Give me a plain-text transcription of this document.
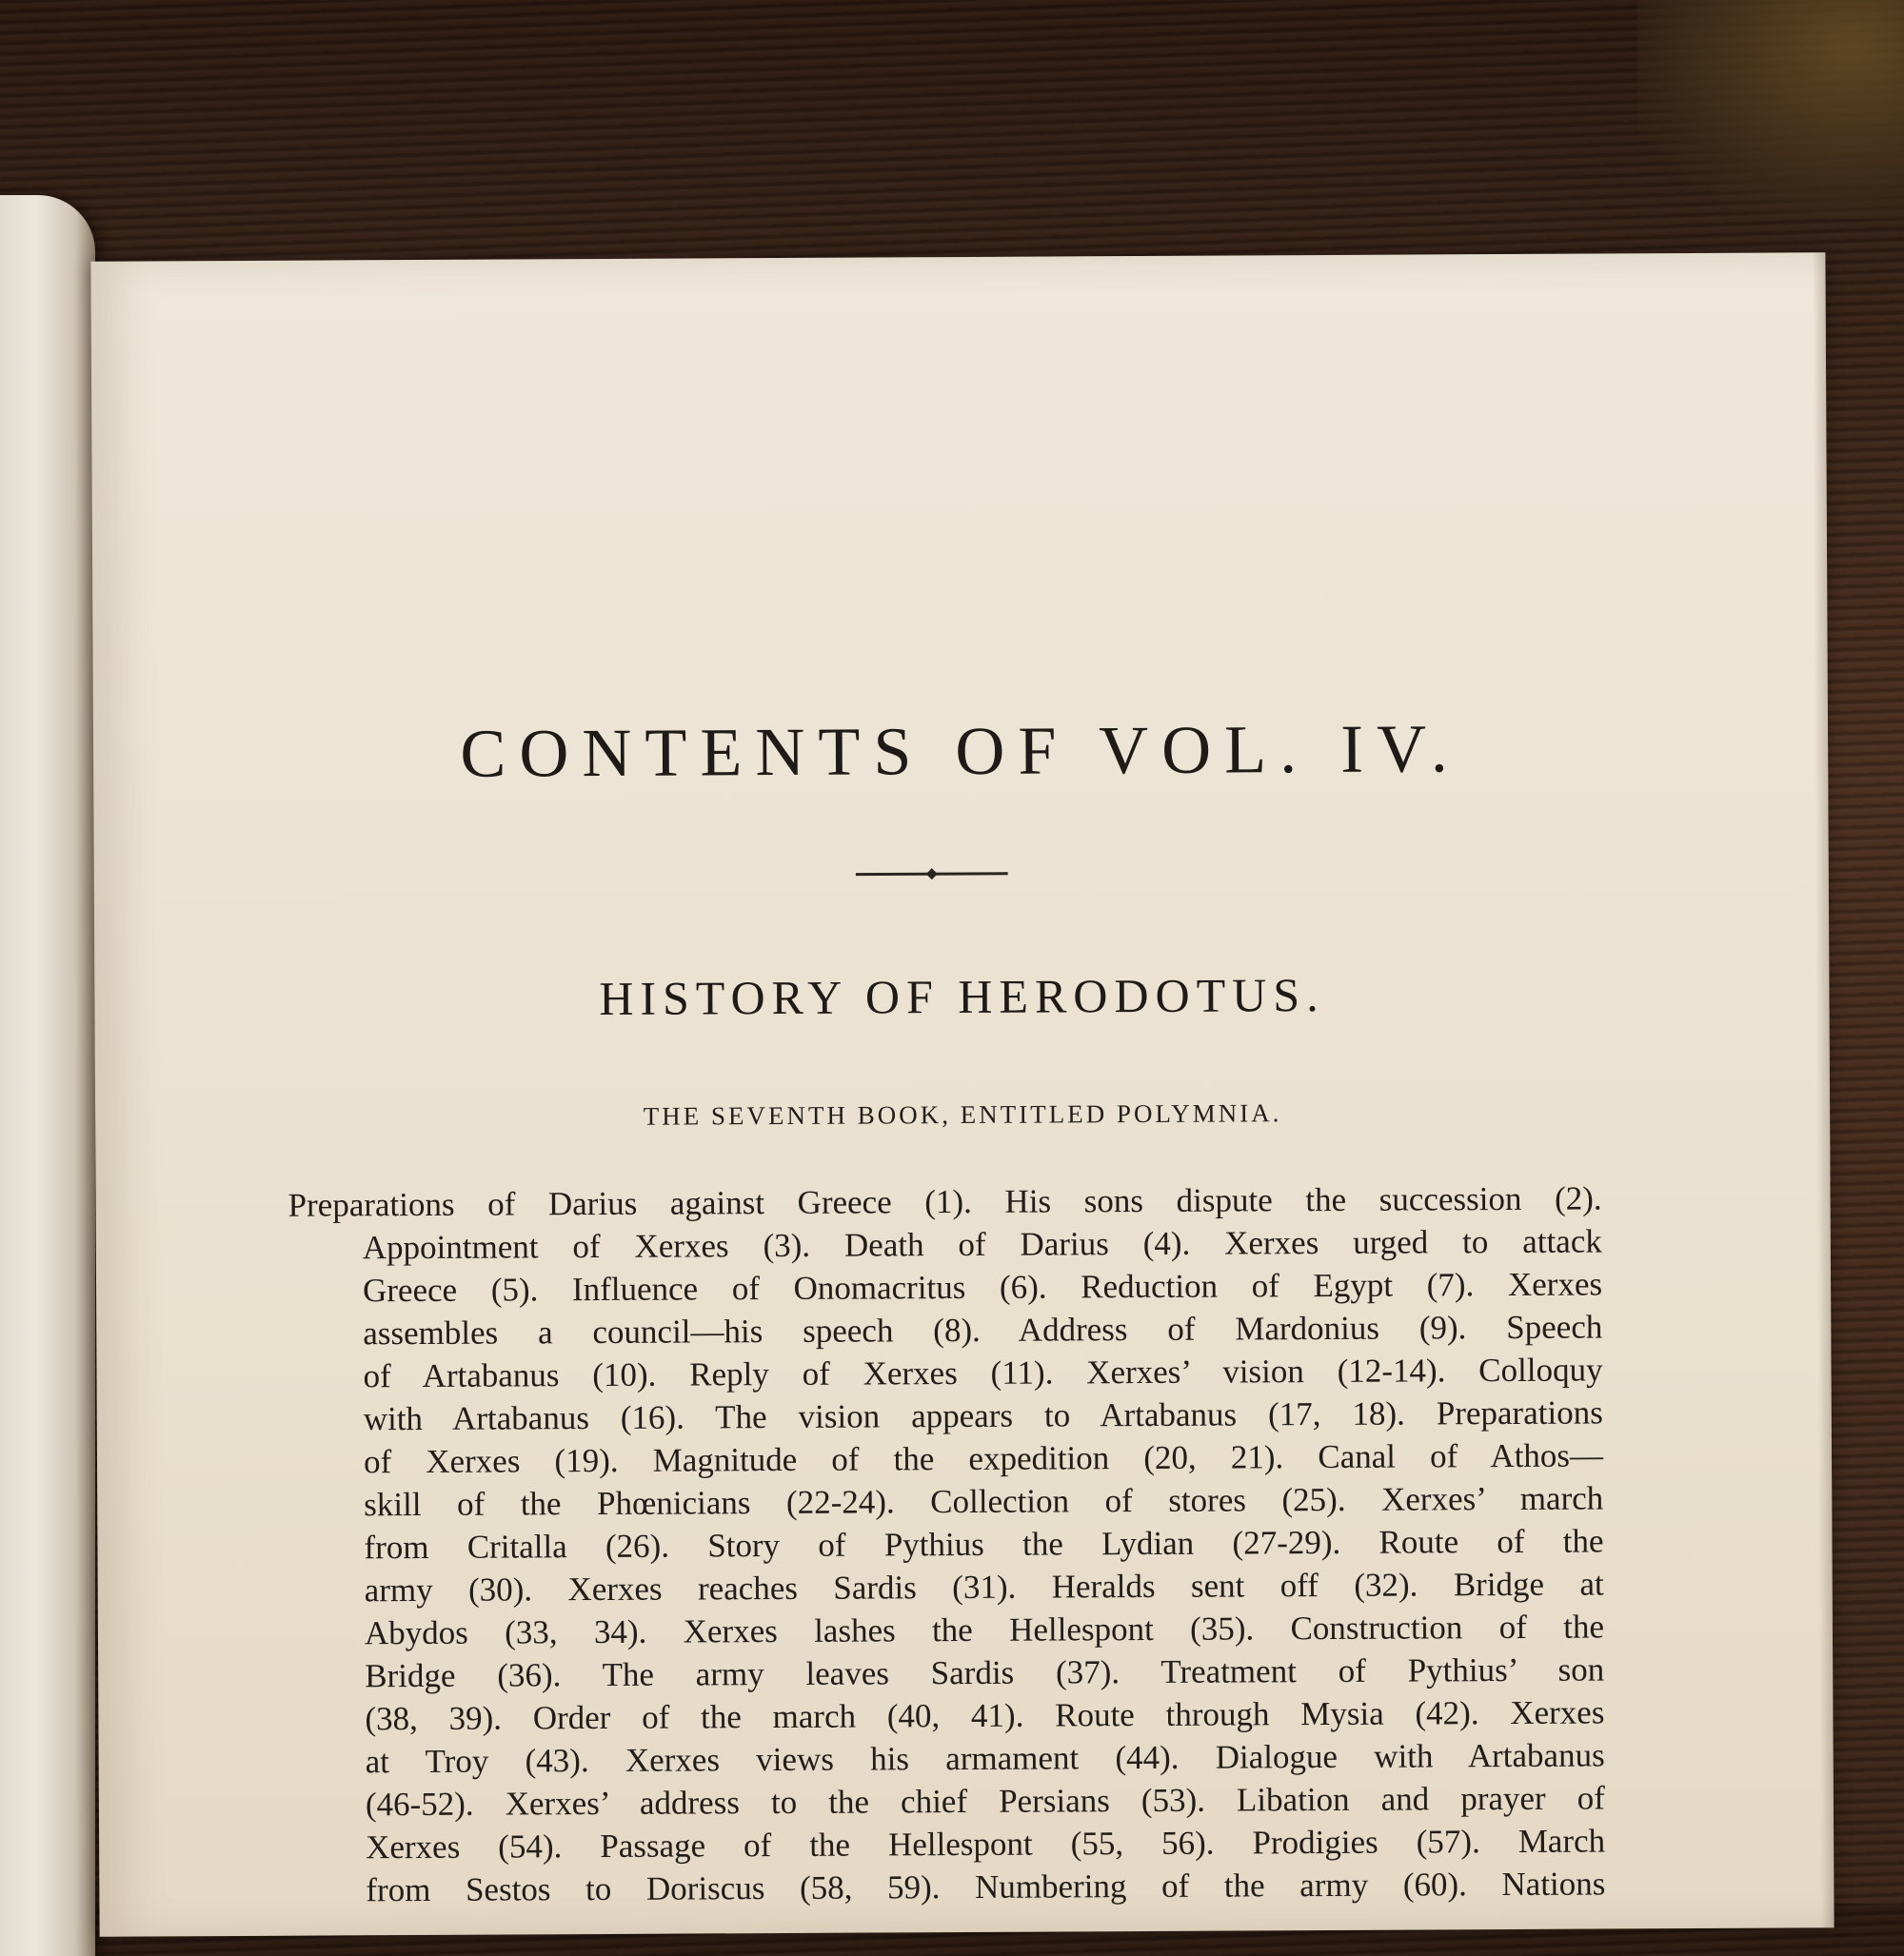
CONTENTS OF VOL. IV.
HISTORY OF HERODOTUS.
THE SEVENTH BOOK, ENTITLED POLYMNIA.
Preparations of Darius against Greece (1). His sons dispute the succession (2).
Appointment of Xerxes (3). Death of Darius (4). Xerxes urged to attack
Greece (5). Influence of Onomacritus (6). Reduction of Egypt (7). Xerxes
assembles a council—his speech (8). Address of Mardonius (9). Speech
of Artabanus (10). Reply of Xerxes (11). Xerxes’ vision (12-14). Colloquy
with Artabanus (16). The vision appears to Artabanus (17, 18). Preparations
of Xerxes (19). Magnitude of the expedition (20, 21). Canal of Athos—
skill of the Phœnicians (22-24). Collection of stores (25). Xerxes’ march
from Critalla (26). Story of Pythius the Lydian (27-29). Route of the
army (30). Xerxes reaches Sardis (31). Heralds sent off (32). Bridge at
Abydos (33, 34). Xerxes lashes the Hellespont (35). Construction of the
Bridge (36). The army leaves Sardis (37). Treatment of Pythius’ son
(38, 39). Order of the march (40, 41). Route through Mysia (42). Xerxes
at Troy (43). Xerxes views his armament (44). Dialogue with Artabanus
(46-52). Xerxes’ address to the chief Persians (53). Libation and prayer of
Xerxes (54). Passage of the Hellespont (55, 56). Prodigies (57). March
from Sestos to Doriscus (58, 59). Numbering of the army (60). Nations
